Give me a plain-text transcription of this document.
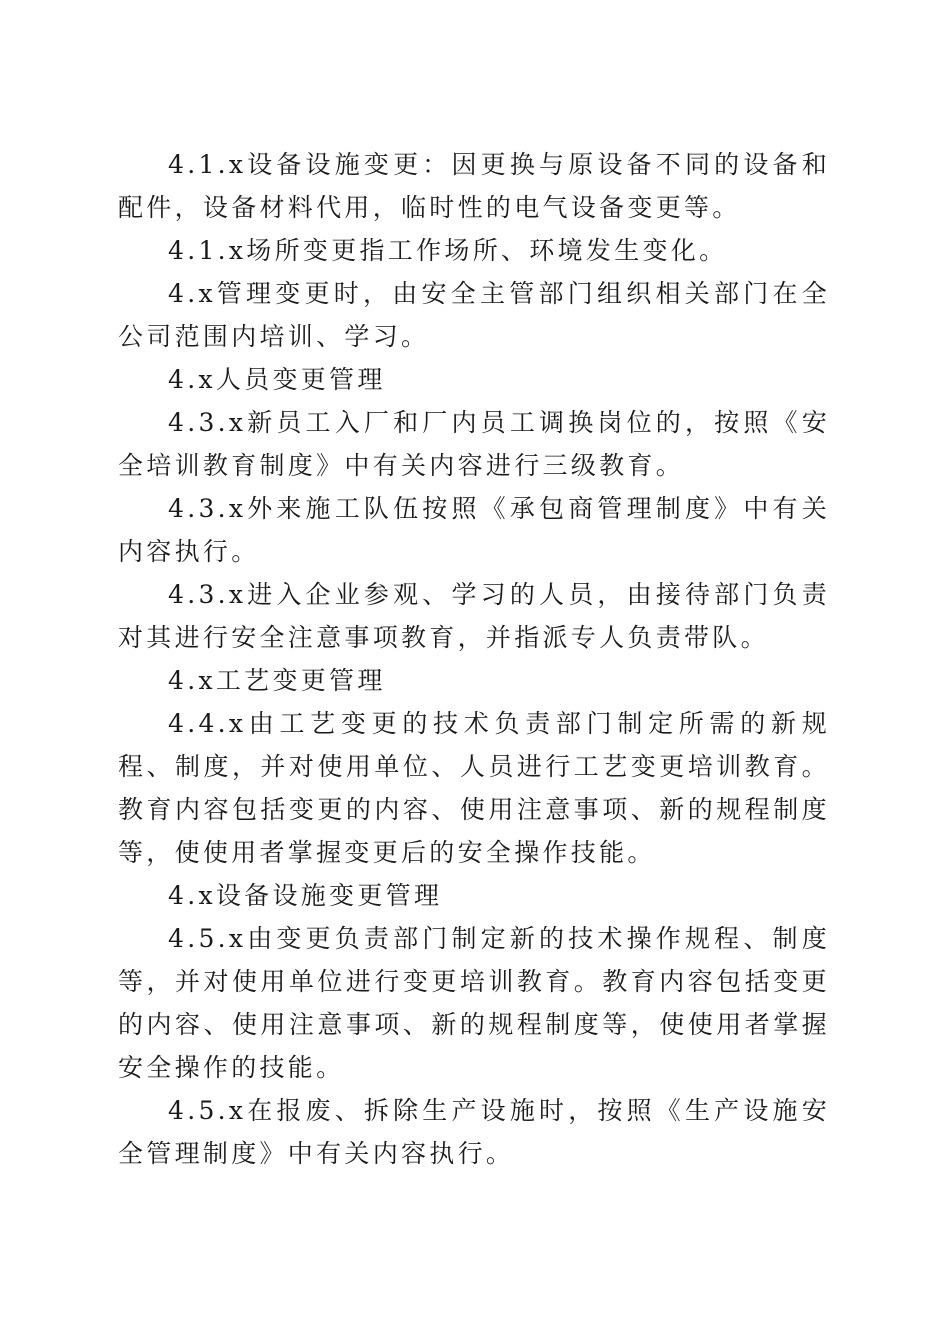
4.1.x设备设施变更：因更换与原设备不同的设备和配件，设备材料代用，临时性的电气设备变更等。

4.1.x场所变更指工作场所、环境发生变化。

4.x管理变更时，由安全主管部门组织相关部门在全公司范围内培训、学习。

4.x人员变更管理

4.3.x新员工入厂和厂内员工调换岗位的，按照《安全培训教育制度》中有关内容进行三级教育。

4.3.x外来施工队伍按照《承包商管理制度》中有关内容执行。

4.3.x进入企业参观、学习的人员，由接待部门负责对其进行安全注意事项教育，并指派专人负责带队。

4.x工艺变更管理

4.4.x由工艺变更的技术负责部门制定所需的新规程、制度，并对使用单位、人员进行工艺变更培训教育。教育内容包括变更的内容、使用注意事项、新的规程制度等，使使用者掌握变更后的安全操作技能。

4.x设备设施变更管理

4.5.x由变更负责部门制定新的技术操作规程、制度等，并对使用单位进行变更培训教育。教育内容包括变更的内容、使用注意事项、新的规程制度等，使使用者掌握安全操作的技能。

4.5.x在报废、拆除生产设施时，按照《生产设施安全管理制度》中有关内容执行。
